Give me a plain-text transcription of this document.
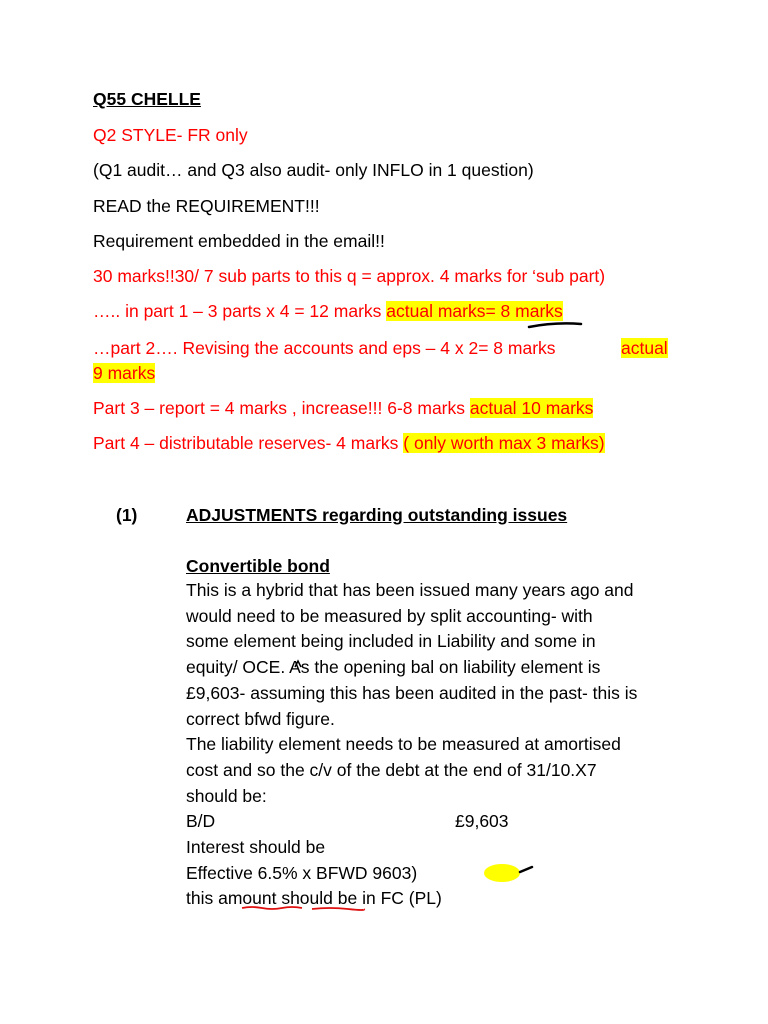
Q55 CHELLE
Q2 STYLE- FR only
(Q1 audit… and Q3 also audit- only INFLO in 1 question)
READ the REQUIREMENT!!!
Requirement embedded in the email!!
30 marks!!30/ 7 sub parts to this q = approx. 4 marks for ‘sub part)
….. in part 1 – 3 parts x 4 = 12 marks actual marks= 8 marks
…part 2…. Revising the accounts and eps – 4 x 2= 8 marks	actual
9 marks
Part 3 – report = 4 marks , increase!!! 6-8 marks actual 10 marks
Part 4 – distributable reserves- 4 marks ( only worth max 3 marks)
(1)	ADJUSTMENTS regarding outstanding issues
Convertible bond
This is a hybrid that has been issued many years ago and
would need to be measured by split accounting- with
some element being included in Liability and some in
equity/ OCE. As the opening bal on liability element is
£9,603- assuming this has been audited in the past- this is
correct bfwd figure.
The liability element needs to be measured at amortised
cost and so the c/v of the debt at the end of 31/10.X7
should be:
B/D	£9,603
Interest should be
Effective 6.5% x BFWD 9603)
this amount should be in FC (PL)
